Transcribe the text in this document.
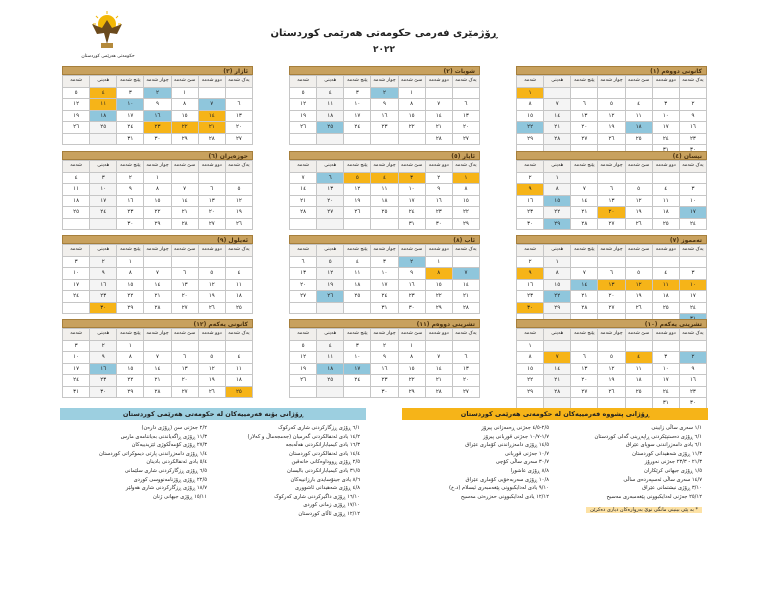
حکومەتی هەرێمی کوردستان
ڕۆژمێری فەرمی حکومەتی هەرێمی کوردستان
٢٠٢٢
کانونی دووەم (١)
یەک شەمە	دوو شەمە	سێ شەمە	چوار شەمە	پێنج شەمە	هەینی	شەمە
						١
٢	٣	٤	٥	٦	٧	٨
٩	١٠	١١	١٢	١٣	١٤	١٥
١٦	١٧	١٨	١٩	٢٠	٢١	٢٢
٢٣	٢٤	٢٥	٢٦	٢٧	٢٨	٢٩

شوبات (٢)
یەک شەمە	دوو شەمە	سێ شەمە	چوار شەمە	پێنج شەمە	هەینی	شەمە
		١	٢	٣	٤	٥
٦	٧	٨	٩	١٠	١١	١٢
١٣	١٤	١٥	١٦	١٧	١٨	١٩
٢٠	٢١	٢٢	٢٣	٢٤	٢٥	٢٦
٢٧	٢٨					
ئازار (٣)
یەک شەمە	دوو شەمە	سێ شەمە	چوار شەمە	پێنج شەمە	هەینی	شەمە
		١	٢	٣	٤	٥
٦	٧	٨	٩	١٠	١١	١٢
١٣	١٤	١٥	١٦	١٧	١٨	١٩
٢٠	٢١	٢٢	٢٣	٢٤	٢٥	٢٦
٢٧	٢٨	٢٩	٣٠	٣١		
نیسان (٤)
یەک شەمە	دوو شەمە	سێ شەمە	چوار شەمە	پێنج شەمە	هەینی	شەمە
					١	٢
٣	٤	٥	٦	٧	٨	٩
١٠	١١	١٢	١٣	١٤	١٥	١٦
١٧	١٨	١٩	٢٠	٢١	٢٢	٢٣
٢٤	٢٥	٢٦	٢٧	٢٨	٢٩	٣٠
ئایار (٥)
یەک شەمە	دوو شەمە	سێ شەمە	چوار شەمە	پێنج شەمە	هەینی	شەمە
١	٢	٣	٤	٥	٦	٧
٨	٩	١٠	١١	١٢	١٣	١٤
١٥	١٦	١٧	١٨	١٩	٢٠	٢١
٢٢	٢٣	٢٤	٢٥	٢٦	٢٧	٢٨
٢٩	٣٠	٣١				
حوزەیران (٦)
یەک شەمە	دوو شەمە	سێ شەمە	چوار شەمە	پێنج شەمە	هەینی	شەمە
			١	٢	٣	٤
٥	٦	٧	٨	٩	١٠	١١
١٢	١٣	١٤	١٥	١٦	١٧	١٨
١٩	٢٠	٢١	٢٢	٢٣	٢٤	٢٥
٢٦	٢٧	٢٨	٢٩	٣٠		
تەمموز (٧)
یەک شەمە	دوو شەمە	سێ شەمە	چوار شەمە	پێنج شەمە	هەینی	شەمە
					١	٢
٣	٤	٥	٦	٧	٨	٩
١٠	١١	١٢	١٣	١٤	١٥	١٦
١٧	١٨	١٩	٢٠	٢١	٢٢	٢٣
٢٤	٢٥	٢٦	٢٧	٢٨	٢٩	٣٠

ئاب (٨)
یەک شەمە	دوو شەمە	سێ شەمە	چوار شەمە	پێنج شەمە	هەینی	شەمە
	١	٢	٣	٤	٥	٦
٧	٨	٩	١٠	١١	١٢	١٣
١٤	١٥	١٦	١٧	١٨	١٩	٢٠
٢١	٢٢	٢٣	٢٤	٢٥	٢٦	٢٧
٢٨	٢٩	٣٠	٣١			
ئەیلول (٩)
یەک شەمە	دوو شەمە	سێ شەمە	چوار شەمە	پێنج شەمە	هەینی	شەمە
				١	٢	٣
٤	٥	٦	٧	٨	٩	١٠
١١	١٢	١٣	١٤	١٥	١٦	١٧
١٨	١٩	٢٠	٢١	٢٢	٢٣	٢٤
٢٥	٢٦	٢٧	٢٨	٢٩	٣٠	
تشرینی یەکەم (١٠)
یەک شەمە	دوو شەمە	سێ شەمە	چوار شەمە	پێنج شەمە	هەینی	شەمە
						١
٢	٣	٤	٥	٦	٧	٨
٩	١٠	١١	١٢	١٣	١٤	١٥
١٦	١٧	١٨	١٩	٢٠	٢١	٢٢
٢٣	٢٤	٢٥	٢٦	٢٧	٢٨	٢٩
٣٠	٣١					
تشرینی دووەم (١١)
یەک شەمە	دوو شەمە	سێ شەمە	چوار شەمە	پێنج شەمە	هەینی	شەمە
		١	٢	٣	٤	٥
٦	٧	٨	٩	١٠	١١	١٢
١٣	١٤	١٥	١٦	١٧	١٨	١٩
٢٠	٢١	٢٢	٢٣	٢٤	٢٥	٢٦
٢٧	٢٨	٢٩	٣٠			
کانونی یەکەم (١٢)
یەک شەمە	دوو شەمە	سێ شەمە	چوار شەمە	پێنج شەمە	هەینی	شەمە
				١	٢	٣
٤	٥	٦	٧	٨	٩	١٠
١١	١٢	١٣	١٤	١٥	١٦	١٧
١٨	١٩	٢٠	٢١	٢٢	٢٣	٢٤
٢٥	٢٦	٢٧	٢٨	٢٩	٣٠	٣١
ڕۆژانی پشووە فەرمییەکان لە حکومەتی هەرێمی کوردستان
١/١ سەری ساڵی زایینی
٦/١ ڕۆژی دەستپێکردنی ڕاپەڕینی گەلی کوردستان
٦/١ یادی دامەزراندنی سوپای عێراق
١١/٣ ڕۆژی شەهیدانی کوردستان
٢١/٣ - ٢٣/٣ جەژنی نەورۆز
١/٥ ڕۆژی جیهانی کرێکاران
١٤/٧ سەری ساڵی ئەسپەردەی ساڵی
٣/١٠ ڕۆژی نیشتمانی عێراق
٢٥/١٢ جەژنی لەدایکبوونی پێغەمبەری مەسیح
٢/٥-٤/٥ جەژنی ڕەمەزانی پیرۆز
١/٧-١٠/٧ جەژنی قوربانی پیرۆز
١٤/٥ ڕۆژی دامەزراندنی کۆماری عێراق
١٠/٧ جەژنی قوربانی
٣٠/٧ سەری ساڵی کۆچی
٨/٨ ڕۆژی عاشورا
١٠/٨ ڕۆژی سەربەخۆیی کۆماری عێراق
٩/١٠ یادی لەدایکبوونی پێغەمبەری ئیسلام (د.خ)
١٢/١٢ یادی لەدایکبوونی حەزرەتی مەسیح
* بە پێی بینینی مانگی نوێ بەروارەکان دیاری دەکرێن
ڕۆژانی بۆنە فەرمییەکان لە حکومەتی هەرێمی کوردستان
٦/١ ڕۆژی ڕزگارکردنی شاری کەرکوک
١٤/٢ یادی ئەنفالکردنی گەرمیان (جەمجەماڵ و کەلار)
١٦/٣ یادی کیمیابارانکردنی هەڵەبجە
١٤/٤ یادی ئەنفالکردنی کوردستان
٢/٥ ڕۆژی ڕووداوەکانی خانەقین
٣١/٥ یادی کیمیابارانکردنی بالیسان
٨/٦ یادی جینۆسایدی بارزانییەکان
٤/٨ ڕۆژی شەهیدانی ئاشووری
١٦/١٠ ڕۆژی داگیرکردنی شاری کەرکوک
١٧/١٠ ڕۆژی زمانی کوردی
١٢/١٢ ڕۆژی ئاڵای کوردستان
٢/٢ جەژنی سن (ڕۆژی دارەن)
١١/٣ ڕۆژی ڕاگەیاندنی بەیاننامەی مارس
٢٧/٣ ڕۆژی کۆمەڵکوژی ئێزیدییەکان
١/٤ ڕۆژی دامەزراندنی پارتی دیموکراتی کوردستان
٥/٤ یادی ئەنفالکردنی بادینان
٦/٥ ڕۆژی ڕزگارکردنی شاری سلێمانی
٢٢/٥ ڕۆژی ڕۆژنامەنووسی کوردی
١٨/٧ ڕۆژی ڕزگارکردنی شاری هەولێر
١٥/١١ ڕۆژی جیهانی ژنان
